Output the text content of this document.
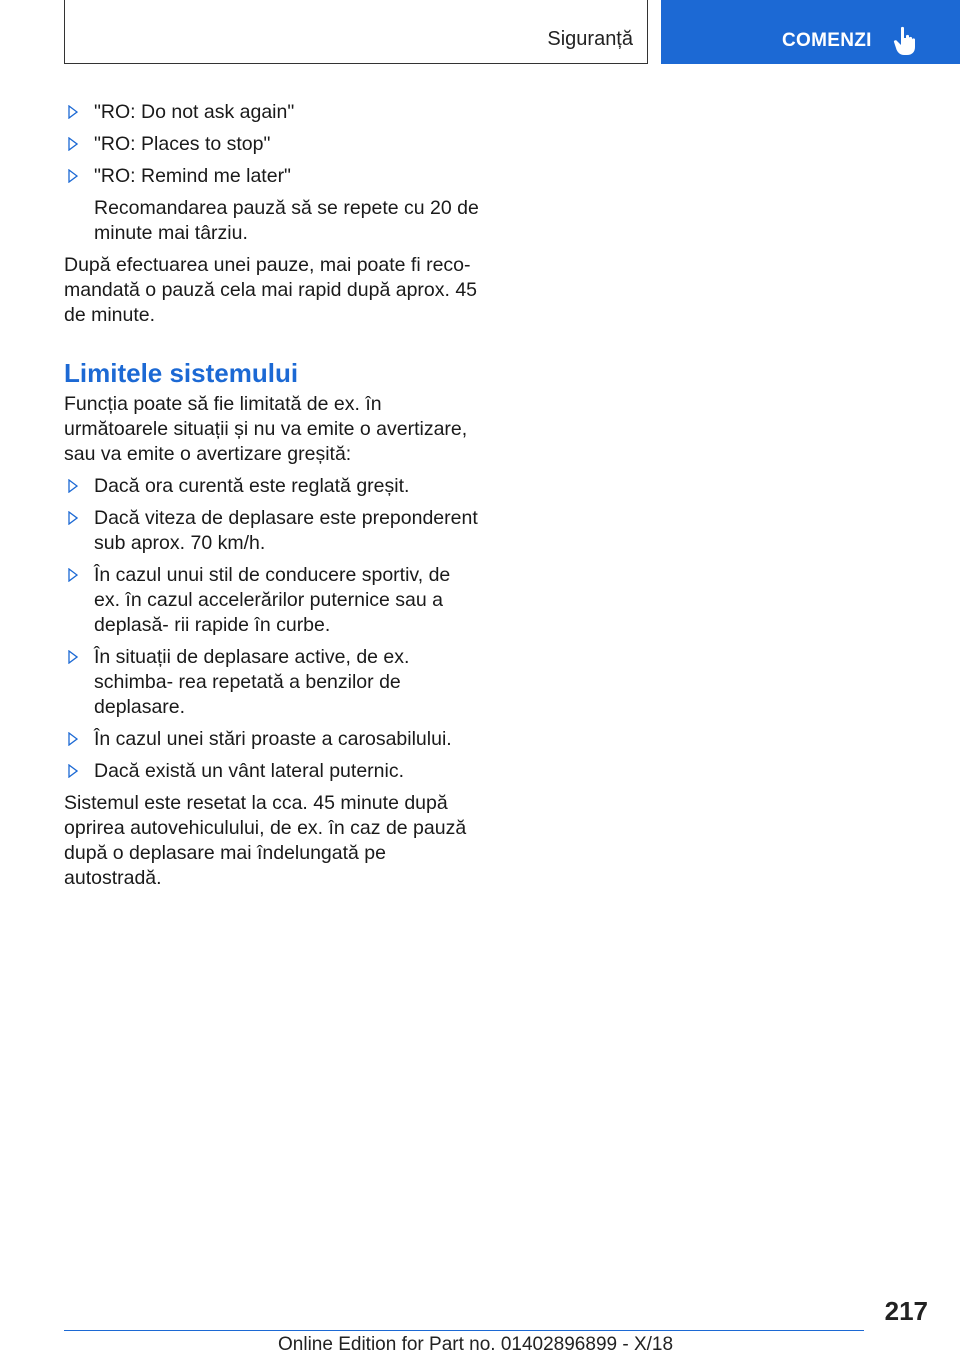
Siguranță	COMENZI
"RO: Do not ask again"
"RO: Places to stop"
"RO: Remind me later"
Recomandarea pauză să se repete cu 20 de minute mai târziu.

După efectuarea unei pauze, mai poate fi reco‐ mandată o pauză cela mai rapid după aprox. 45 de minute.

Limitele sistemului

Funcția poate să fie limitată de ex. în următoarele situații și nu va emite o avertizare, sau va emite o avertizare greșită:

Dacă ora curentă este reglată greșit.
Dacă viteza de deplasare este preponderent sub aprox. 70 km/h.
În cazul unui stil de conducere sportiv, de ex. în cazul accelerărilor puternice sau a deplasă‐ rii rapide în curbe.
În situații de deplasare active, de ex. schimba‐ rea repetată a benzilor de deplasare.
În cazul unei stări proaste a carosabilului.
Dacă există un vânt lateral puternic.

Sistemul este resetat la cca. 45 minute după oprirea autovehiculului, de ex. în caz de pauză după o deplasare mai îndelungată pe autostradă.

217
Online Edition for Part no. 01402896899 - X/18
